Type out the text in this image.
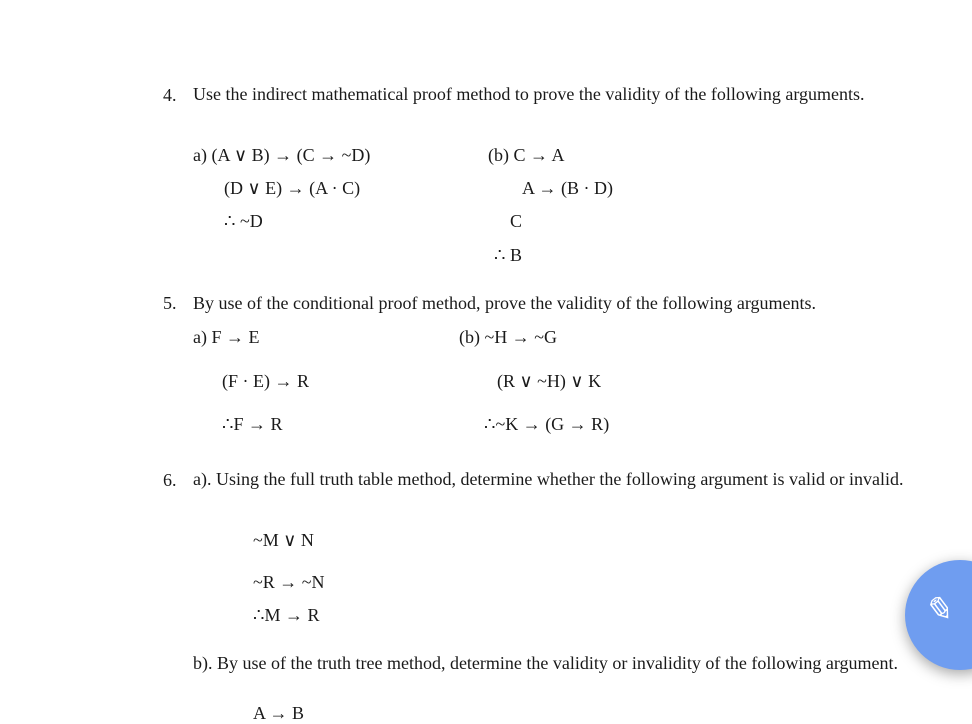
4. Use the indirect mathematical proof method to prove the validity of the following arguments.
a) (A ∨ B) → (C → ~D)
(D ∨ E) → (A · C)
∴ ~D
(b) C → A
A → (B · D)
C
∴ B
5. By use of the conditional proof method, prove the validity of the following arguments.
a) F → E
(F · E) → R
∴F → R
(b) ~H → ~G
(R ∨ ~H) ∨ K
∴~K → (G → R)
6. a). Using the full truth table method, determine whether the following argument is valid or invalid.
~M ∨ N
~R → ~N
∴M → R
b). By use of the truth tree method, determine the validity or invalidity of the following argument.
A → B
✎
